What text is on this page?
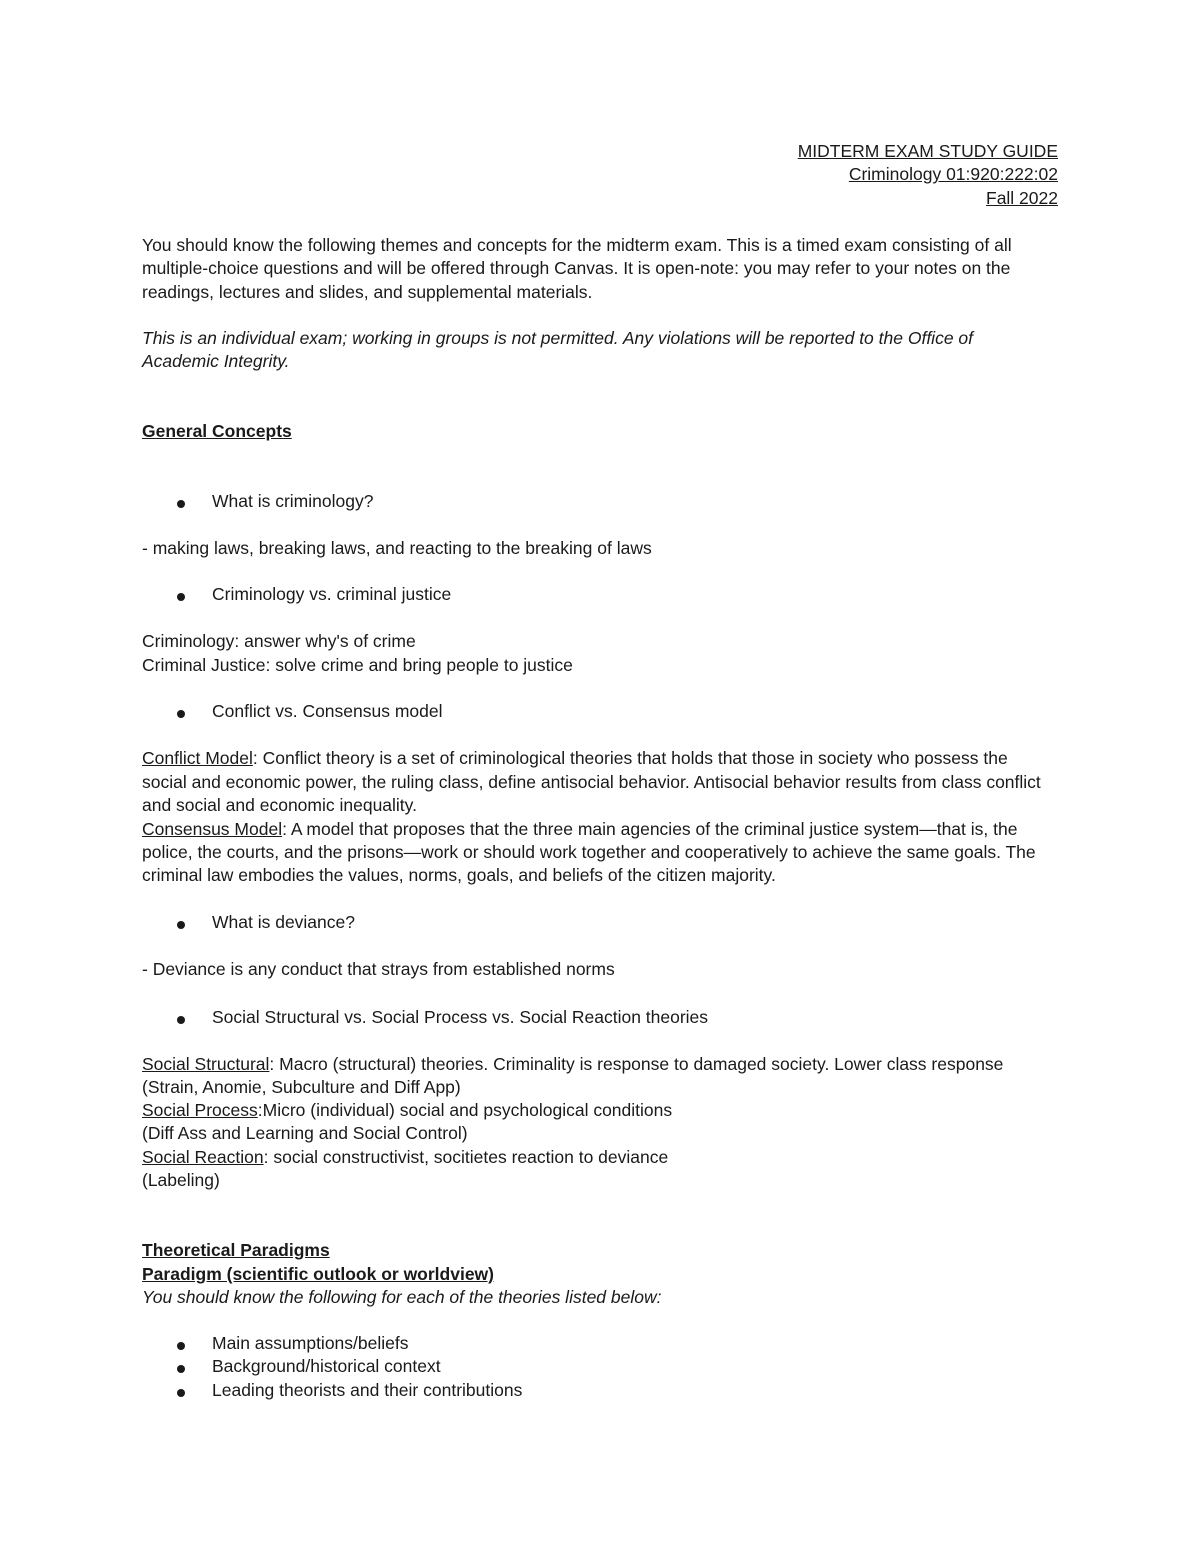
MIDTERM EXAM STUDY GUIDE
Criminology 01:920:222:02
Fall 2022
You should know the following themes and concepts for the midterm exam. This is a timed exam consisting of all
multiple-choice questions and will be offered through Canvas. It is open-note: you may refer to your notes on the
readings, lectures and slides, and supplemental materials.
This is an individual exam; working in groups is not permitted. Any violations will be reported to the Office of
Academic Integrity.
General Concepts
What is criminology?
- making laws, breaking laws, and reacting to the breaking of laws
Criminology vs. criminal justice
Criminology: answer why's of crime
Criminal Justice: solve crime and bring people to justice
Conflict vs. Consensus model
Conflict Model: Conflict theory is a set of criminological theories that holds that those in society who possess the
social and economic power, the ruling class, define antisocial behavior. Antisocial behavior results from class conflict
and social and economic inequality.
Consensus Model: A model that proposes that the three main agencies of the criminal justice system—that is, the
police, the courts, and the prisons—work or should work together and cooperatively to achieve the same goals. The
criminal law embodies the values, norms, goals, and beliefs of the citizen majority.
What is deviance?
- Deviance is any conduct that strays from established norms
Social Structural vs. Social Process vs. Social Reaction theories
Social Structural: Macro (structural) theories. Criminality is response to damaged society. Lower class response
(Strain, Anomie, Subculture and Diff App)
Social Process:Micro (individual) social and psychological conditions
(Diff Ass and Learning and Social Control)
Social Reaction: social constructivist, socitietes reaction to deviance
(Labeling)
Theoretical Paradigms
Paradigm (scientific outlook or worldview)
You should know the following for each of the theories listed below:
Main assumptions/beliefs
Background/historical context
Leading theorists and their contributions
